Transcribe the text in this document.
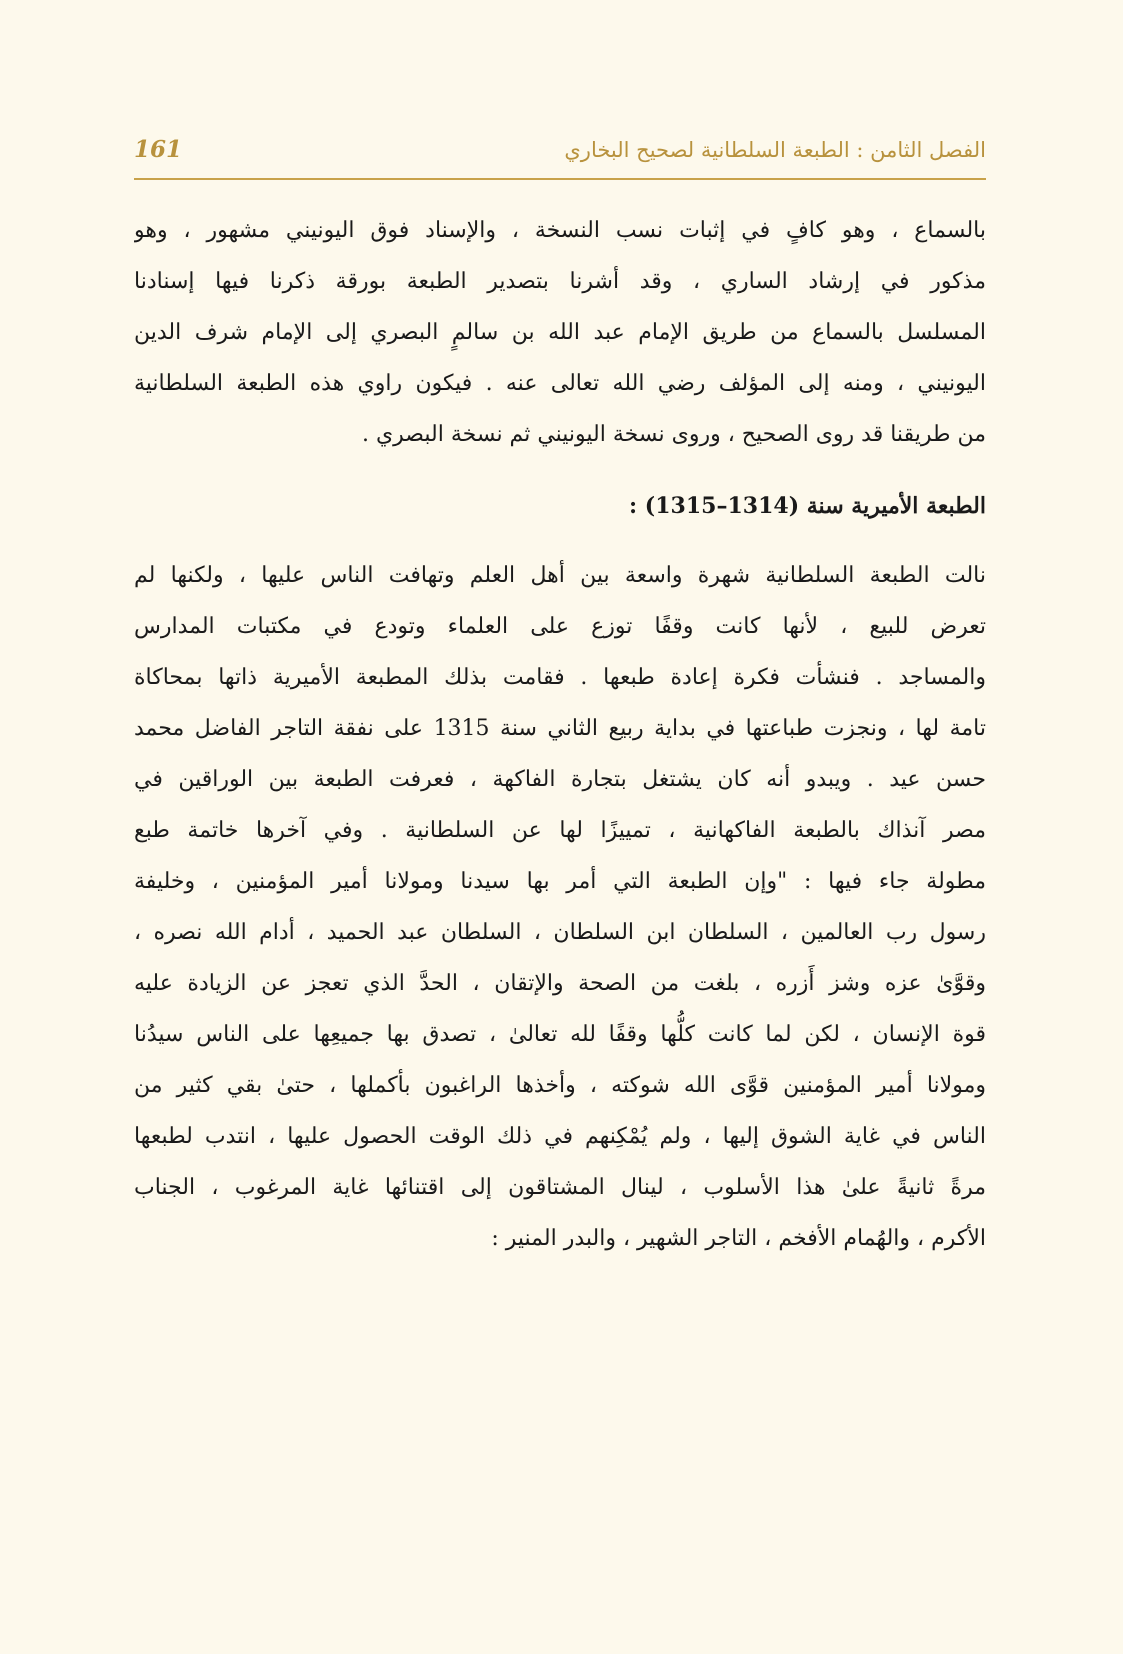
الفصل الثامن : الطبعة السلطانية لصحيح البخاري
161
بالسماع ، وهو كافٍ في إثبات نسب النسخة ، والإسناد فوق اليونيني مشهور ، وهو
مذكور في إرشاد الساري ، وقد أشرنا بتصدير الطبعة بورقة ذكرنا فيها إسنادنا
المسلسل بالسماع من طريق الإمام عبد الله بن سالمٍ البصري إلى الإمام شرف الدين
اليونيني ، ومنه إلى المؤلف رضي الله تعالى عنه . فيكون راوي هذه الطبعة السلطانية
من طريقنا قد روى الصحيح ، وروى نسخة اليونيني ثم نسخة البصري .
الطبعة الأميرية سنة (1314–1315) :
نالت الطبعة السلطانية شهرة واسعة بين أهل العلم وتهافت الناس عليها ، ولكنها لم
تعرض للبيع ، لأنها كانت وقفًا توزع على العلماء وتودع في مكتبات المدارس
والمساجد . فنشأت فكرة إعادة طبعها . فقامت بذلك المطبعة الأميرية ذاتها بمحاكاة
تامة لها ، ونجزت طباعتها في بداية ربيع الثاني سنة 1315 على نفقة التاجر الفاضل محمد
حسن عيد . ويبدو أنه كان يشتغل بتجارة الفاكهة ، فعرفت الطبعة بين الوراقين في
مصر آنذاك بالطبعة الفاكهانية ، تمييزًا لها عن السلطانية . وفي آخرها خاتمة طبع
مطولة جاء فيها : "وإن الطبعة التي أمر بها سيدنا ومولانا أمير المؤمنين ، وخليفة
رسول رب العالمين ، السلطان ابن السلطان ، السلطان عبد الحميد ، أدام الله نصره ،
وقوَّىٰ عزه وشز أَزره ، بلغت من الصحة والإتقان ، الحدَّ الذي تعجز عن الزيادة عليه
قوة الإنسان ، لكن لما كانت كلُّها وقفًا لله تعالىٰ ، تصدق بها جميعِها على الناس سيدُنا
ومولانا أمير المؤمنين قوَّى الله شوكته ، وأخذها الراغبون بأكملها ، حتىٰ بقي كثير من
الناس في غاية الشوق إليها ، ولم يُمْكِنهم في ذلك الوقت الحصول عليها ، انتدب لطبعها
مرةً ثانيةً علىٰ هذا الأسلوب ، لينال المشتاقون إلى اقتنائها غاية المرغوب ، الجناب
الأكرم ، والهُمام الأفخم ، التاجر الشهير ، والبدر المنير :
